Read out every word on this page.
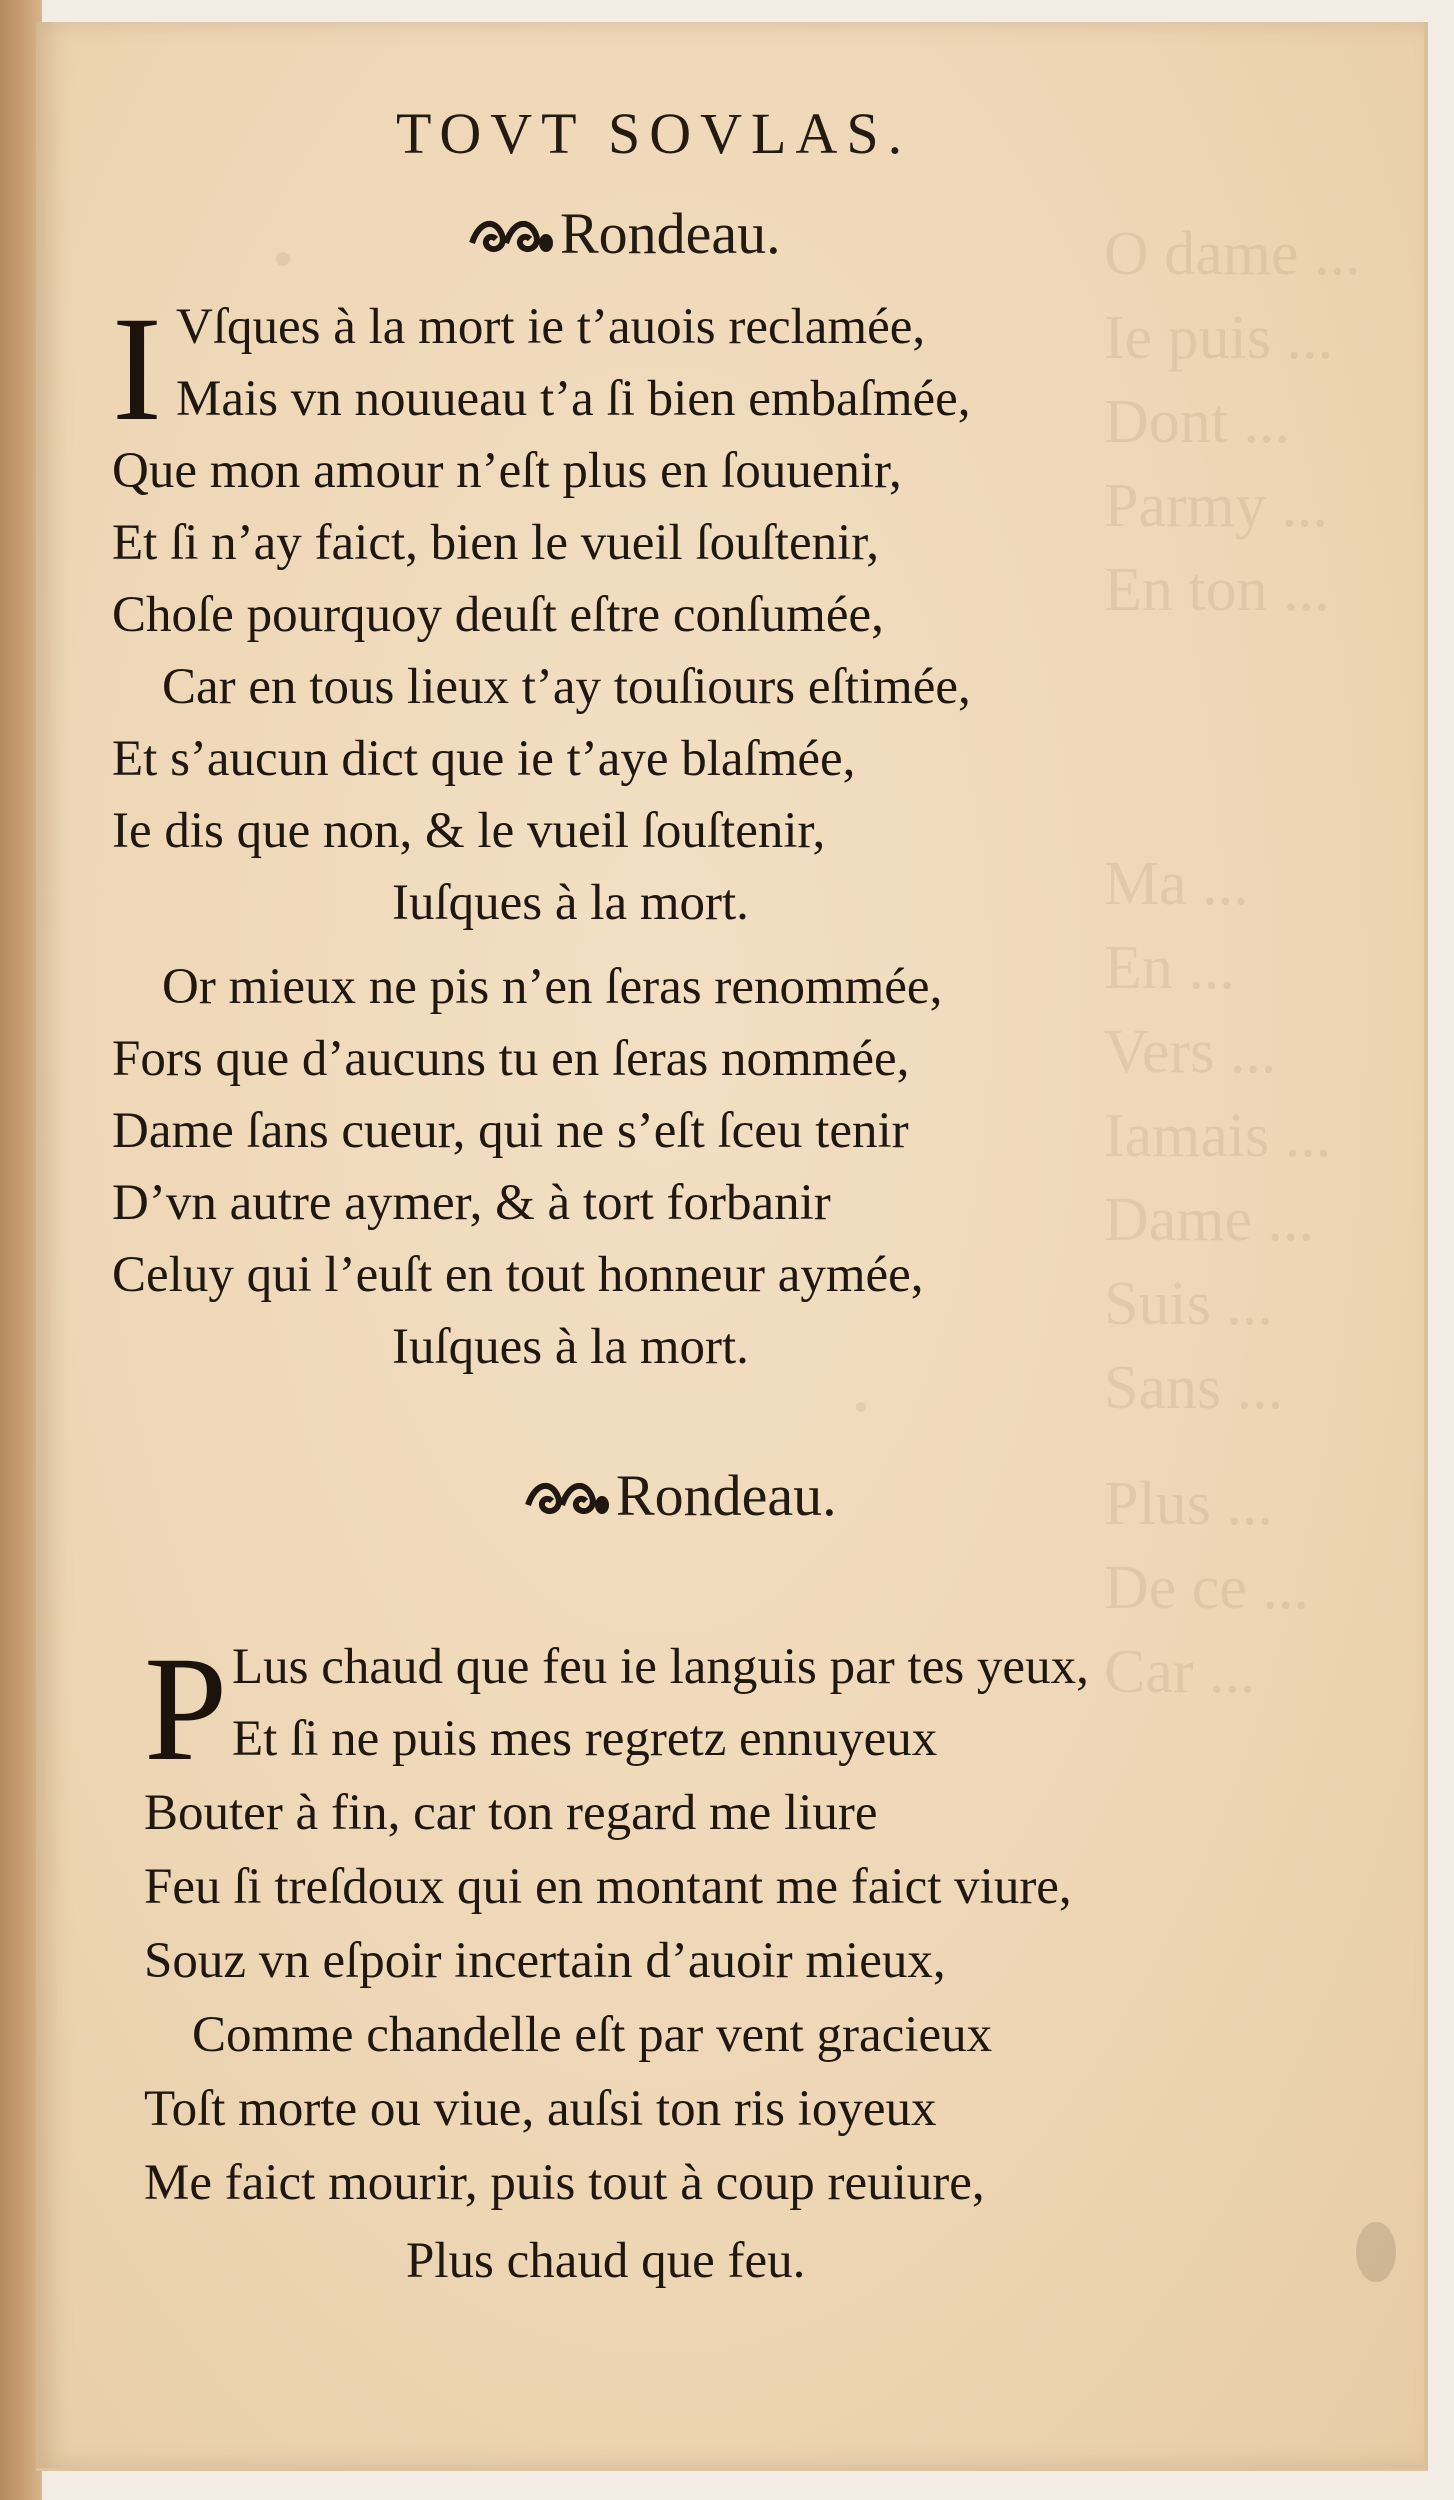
O dame ...
Ie puis ...
Dont ...
Parmy ...
En ton ...
Ma ...
En ...
Vers ...
Iamais ...
Dame ...
Suis ...
Sans ...
Plus ...
De ce ...
Car ...
TOVT SOVLAS.
Rondeau.
I Vſques à la mort ie t’auois reclamée,
Mais vn nouueau t’a ſi bien embaſmée,
Que mon amour n’eſt plus en ſouuenir,
Et ſi n’ay faict, bien le vueil ſouſtenir,
Choſe pourquoy deuſt eſtre conſumée,
Car en tous lieux t’ay touſiours eſtimée,
Et s’aucun dict que ie t’aye blaſmée,
Ie dis que non, & le vueil ſouſtenir,
Iuſques à la mort.
Or mieux ne pis n’en ſeras renommée,
Fors que d’aucuns tu en ſeras nommée,
Dame ſans cueur, qui ne s’eſt ſceu tenir
D’vn autre aymer, & à tort forbanir
Celuy qui l’euſt en tout honneur aymée,
Iuſques à la mort.
Rondeau.
P Lus chaud que feu ie languis par tes yeux,
Et ſi ne puis mes regretz ennuyeux
Bouter à fin, car ton regard me liure
Feu ſi treſdoux qui en montant me faict viure,
Souz vn eſpoir incertain d’auoir mieux,
Comme chandelle eſt par vent gracieux
Toſt morte ou viue, auſsi ton ris ioyeux
Me faict mourir, puis tout à coup reuiure,
Plus chaud que feu.
